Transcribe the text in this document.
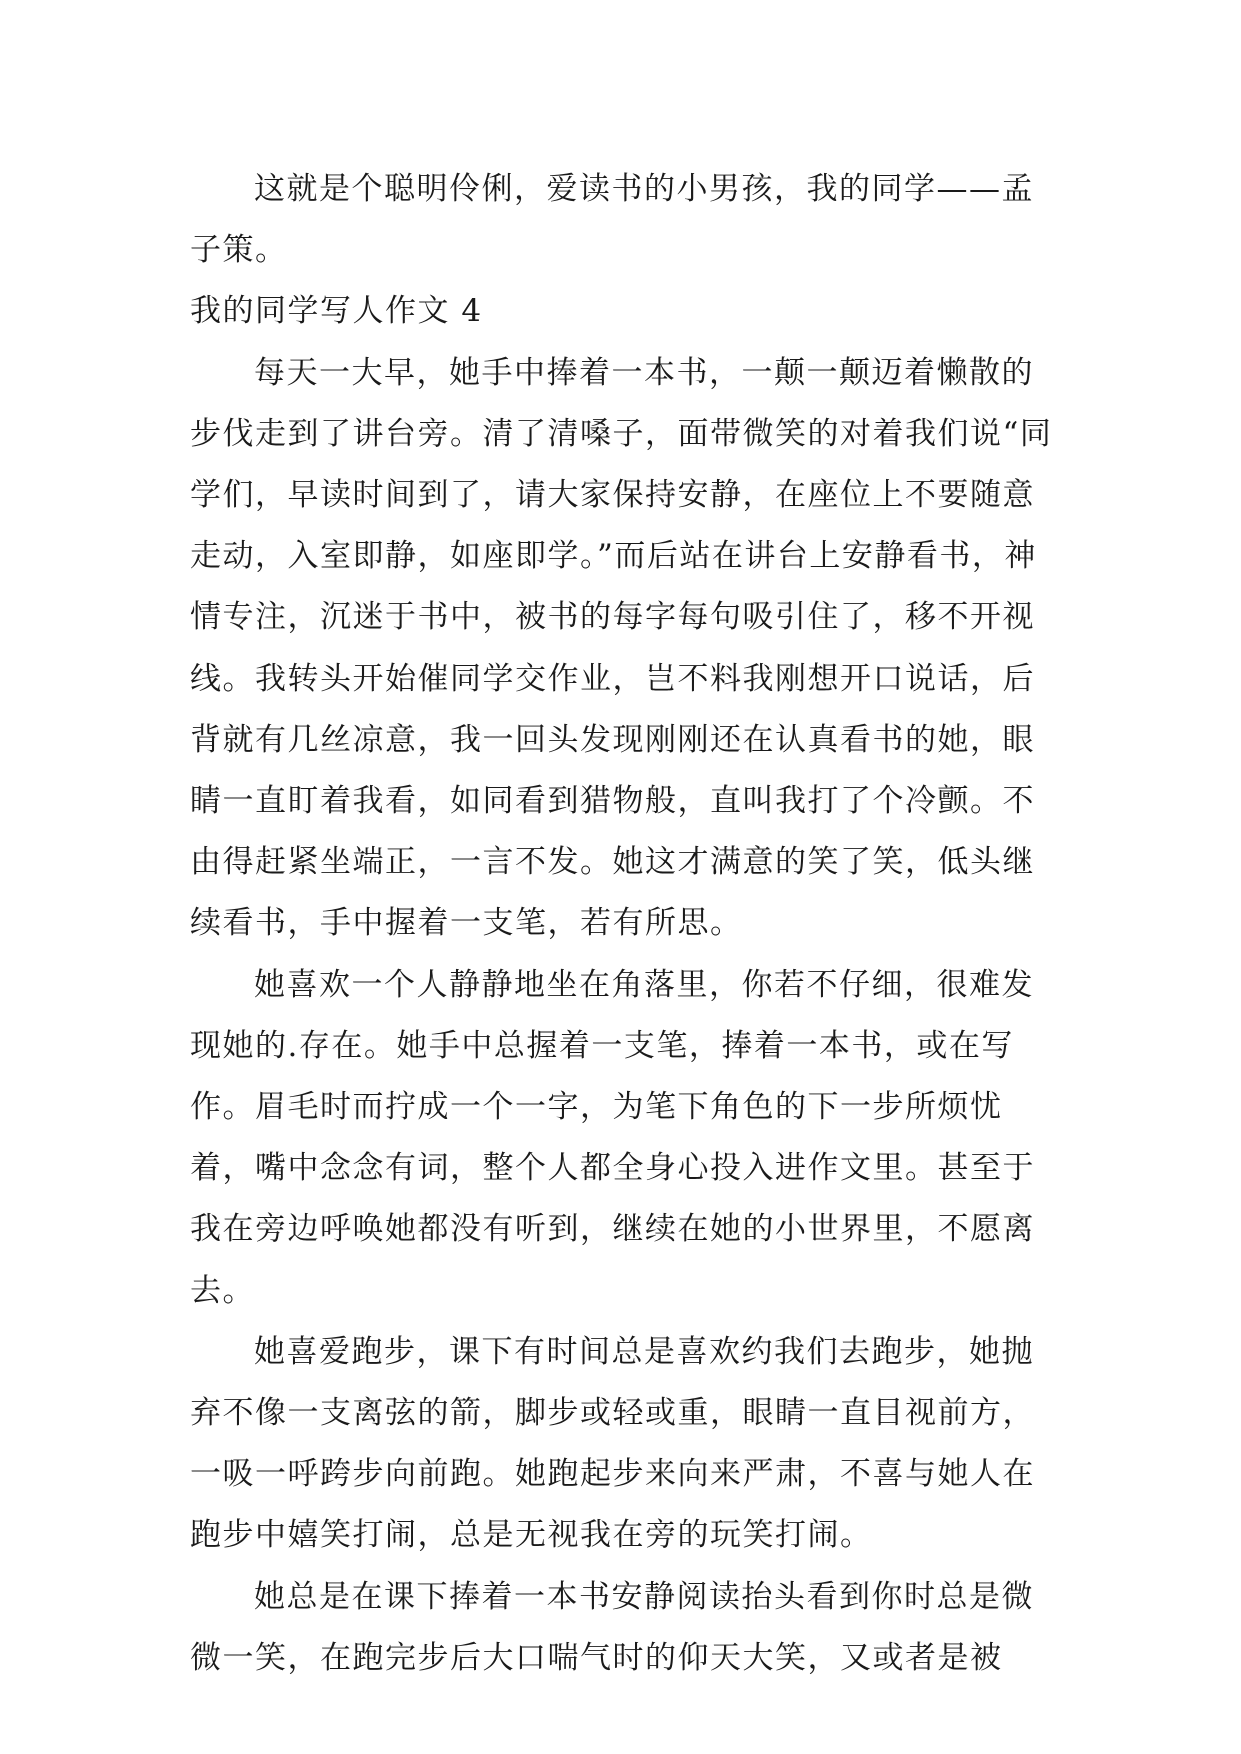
这就是个聪明伶俐，爱读书的小男孩，我的同学——孟子策。

我的同学写人作文 4

每天一大早，她手中捧着一本书，一颠一颠迈着懒散的步伐走到了讲台旁。清了清嗓子，面带微笑的对着我们说“同学们，早读时间到了，请大家保持安静，在座位上不要随意走动，入室即静，如座即学。”而后站在讲台上安静看书，神情专注，沉迷于书中，被书的每字每句吸引住了，移不开视线。我转头开始催同学交作业，岂不料我刚想开口说话，后背就有几丝凉意，我一回头发现刚刚还在认真看书的她，眼睛一直盯着我看，如同看到猎物般，直叫我打了个冷颤。不由得赶紧坐端正，一言不发。她这才满意的笑了笑，低头继续看书，手中握着一支笔，若有所思。

她喜欢一个人静静地坐在角落里，你若不仔细，很难发现她的.存在。她手中总握着一支笔，捧着一本书，或在写作。眉毛时而拧成一个一字，为笔下角色的下一步所烦忧着，嘴中念念有词，整个人都全身心投入进作文里。甚至于我在旁边呼唤她都没有听到，继续在她的小世界里，不愿离去。

她喜爱跑步，课下有时间总是喜欢约我们去跑步，她抛弃不像一支离弦的箭，脚步或轻或重，眼睛一直目视前方，一吸一呼跨步向前跑。她跑起步来向来严肃，不喜与她人在跑步中嬉笑打闹，总是无视我在旁的玩笑打闹。

她总是在课下捧着一本书安静阅读抬头看到你时总是微微一笑，在跑完步后大口喘气时的仰天大笑，又或者是被
